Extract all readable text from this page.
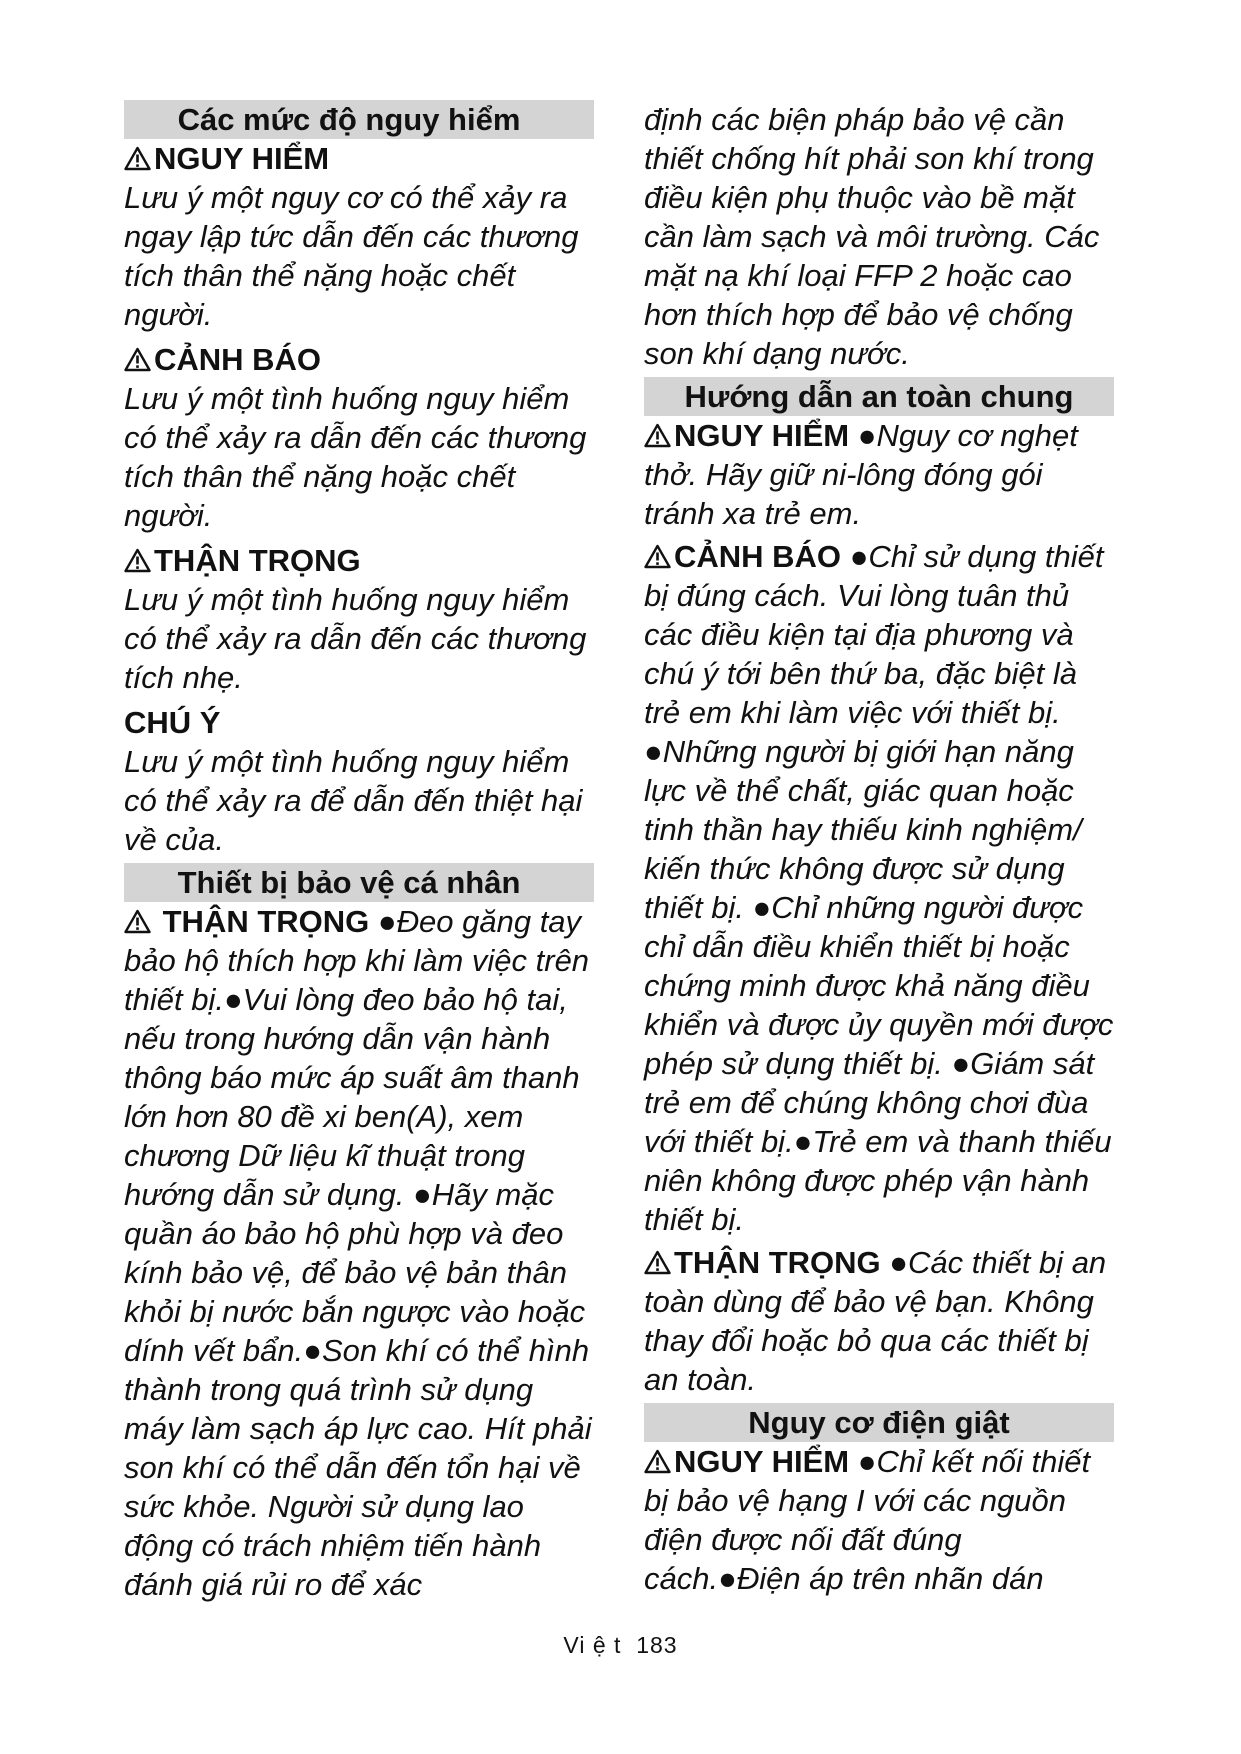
Các mức độ nguy hiểm
NGUY HIỂM

Lưu ý một nguy cơ có thể xảy ra ngay lập tức dẫn đến các thương tích thân thể nặng hoặc chết người.

CẢNH BÁO

Lưu ý một tình huống nguy hiểm có thể xảy ra dẫn đến các thương tích thân thể nặng hoặc chết người.

THẬN TRỌNG

Lưu ý một tình huống nguy hiểm có thể xảy ra dẫn đến các thương tích nhẹ.

CHÚ Ý

Lưu ý một tình huống nguy hiểm có thể xảy ra để dẫn đến thiệt hại về của.

Thiết bị bảo vệ cá nhân

THẬN TRỌNG ●Đeo găng tay bảo hộ thích hợp khi làm việc trên thiết bị.●Vui lòng đeo bảo hộ tai, nếu trong hướng dẫn vận hành thông báo mức áp suất âm thanh lớn hơn 80 đề xi ben(A), xem chương Dữ liệu kĩ thuật trong hướng dẫn sử dụng. ●Hãy mặc quần áo bảo hộ phù hợp và đeo kính bảo vệ, để bảo vệ bản thân khỏi bị nước bắn ngược vào hoặc dính vết bẩn.●Son khí có thể hình thành trong quá trình sử dụng máy làm sạch áp lực cao. Hít phải son khí có thể dẫn đến tổn hại về sức khỏe. Người sử dụng lao động có trách nhiệm tiến hành đánh giá rủi ro để xác

định các biện pháp bảo vệ cần thiết chống hít phải son khí trong điều kiện phụ thuộc vào bề mặt cần làm sạch và môi trường. Các mặt nạ khí loại FFP 2 hoặc cao hơn thích hợp để bảo vệ chống son khí dạng nước.

Hướng dẫn an toàn chung

NGUY HIỂM ●Nguy cơ nghẹt thở. Hãy giữ ni-lông đóng gói tránh xa trẻ em.

CẢNH BÁO ●Chỉ sử dụng thiết bị đúng cách. Vui lòng tuân thủ các điều kiện tại địa phương và chú ý tới bên thứ ba, đặc biệt là trẻ em khi làm việc với thiết bị. ●Những người bị giới hạn năng lực về thể chất, giác quan hoặc tinh thần hay thiếu kinh nghiệm/ kiến thức không được sử dụng thiết bị. ●Chỉ những người được chỉ dẫn điều khiển thiết bị hoặc chứng minh được khả năng điều khiển và được ủy quyền mới được phép sử dụng thiết bị. ●Giám sát trẻ em để chúng không chơi đùa với thiết bị.●Trẻ em và thanh thiếu niên không được phép vận hành thiết bị.

THẬN TRỌNG ●Các thiết bị an toàn dùng để bảo vệ bạn. Không thay đổi hoặc bỏ qua các thiết bị an toàn.

Nguy cơ điện giật

NGUY HIỂM ●Chỉ kết nối thiết bị bảo vệ hạng I với các nguồn điện được nối đất đúng cách.●Điện áp trên nhãn dán

Vi ệ t 183
